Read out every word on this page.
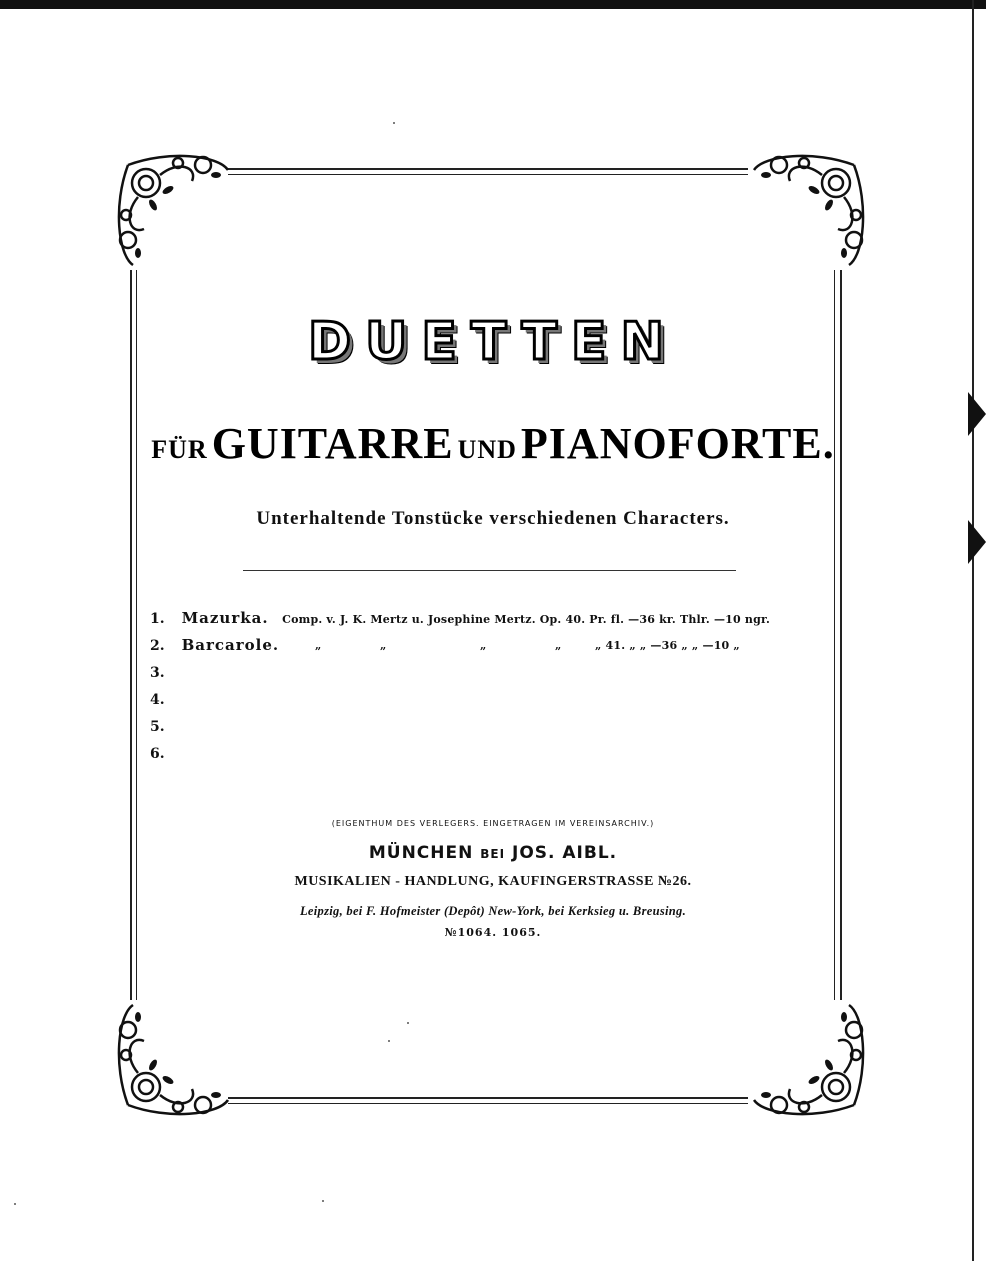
DUETTEN
FÜR GUITARRE UND PIANOFORTE.
Unterhaltende Tonstücke verschiedenen Characters.
1. Mazurka. Comp. v. J. K. Mertz u. Josephine Mertz. Op. 40. Pr. fl. —36 kr. Thlr. —10 ngr.
2. Barcarole.	„	„	„	„	„ 41. „ „ —36 „ „ —10 „
3.
4.
5.
6.
(EIGENTHUM DES VERLEGERS. EINGETRAGEN IM VEREINSARCHIV.)
MÜNCHEN BEI JOS. AIBL.
MUSIKALIEN - HANDLUNG, KAUFINGERSTRASSE №26.
Leipzig, bei F. Hofmeister (Depôt) New-York, bei Kerksieg u. Breusing.
№1064. 1065.
